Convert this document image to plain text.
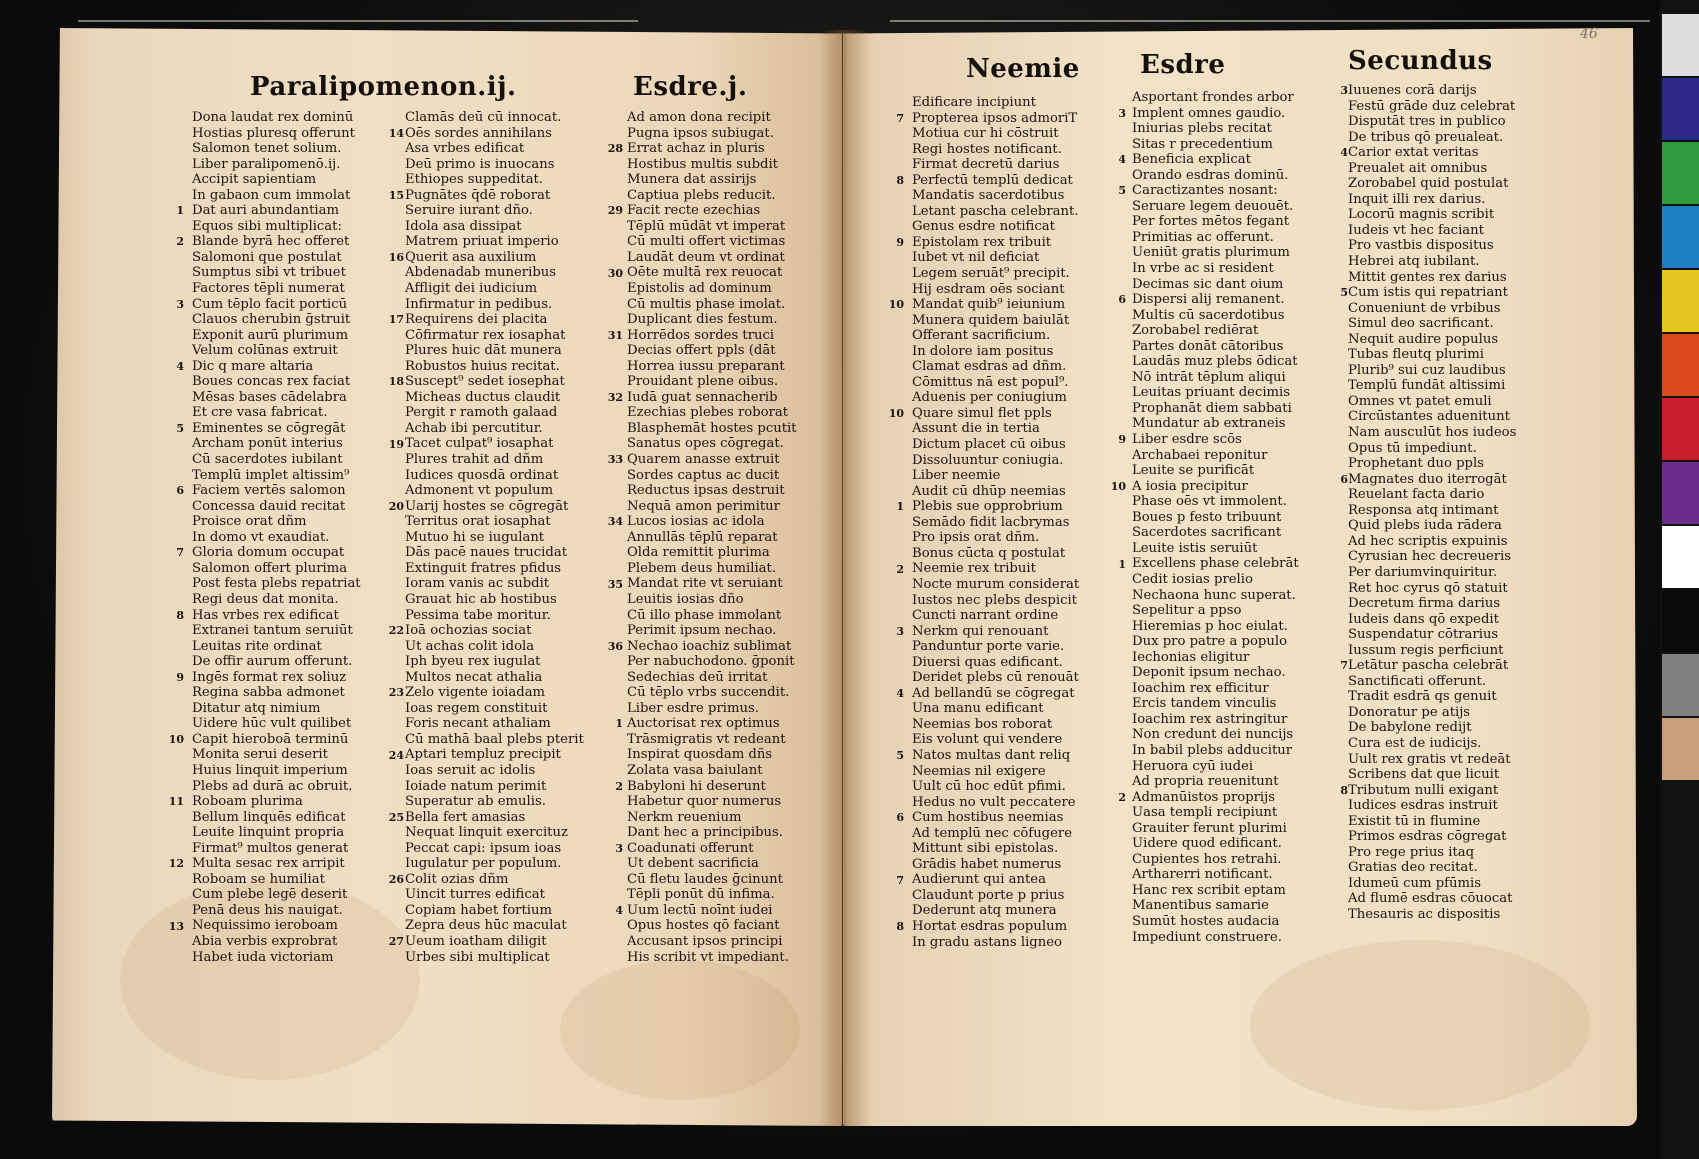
Paralipomenon.ij.	Esdre.j.
Neemie Esdre	Secundus
46
Dona laudat rex dominū
Hostias pluresq offerunt
Salomon tenet solium.
Liber paralipomenō.ij.
Accipit sapientiam
In gabaon cum immolat
Dat auri abundantiam
Equos sibi multiplicat:
Blande byrā hec offeret
Salomoni que postulat
Sumptus sibi vt tribuet
Factores tēpli numerat
Cum tēplo facit porticū
Clauos cherubin ḡstruit
Exponit aurū plurimum
Velum colūnas extruit
Dic q mare altaria
Boues concas rex faciat
Mēsas bases cādelabra
Et cre vasa fabricat.
Eminentes se cōgregāt
Archam ponūt interius
Cū sacerdotes iubilant
Templū implet altissim⁹
Faciem vertēs salomon
Concessa dauid recitat
Proisce orat dñm
In domo vt exaudiat.
Gloria domum occupat
Salomon offert plurima
Post festa plebs repatriat
Regi deus dat monita.
Has vrbes rex edificat
Extranei tantum seruiūt
Leuitas rite ordinat
De offir aurum offerunt.
Ingēs format rex soliuz
Regina sabba admonet
Ditatur atq nimium
Uidere hūc vult quilibet
Capit hieroboā terminū
Monita serui deserit
Huius linquit imperium
Plebs ad durā ac obruit.
Roboam plurima
Bellum linquēs edificat
Leuite linquint propria
Firmat⁹ multos generat
Multa sesac rex arripit
Roboam se humiliat
Cum plebe legē deserit
Penā deus his nauigat.
Nequissimo ieroboam
Abia verbis exprobrat
Habet iuda victoriam
1
2
3
4
5
6
7
8
9
10
11
12
13
Clamās deū cū innocat.
Oēs sordes annihilans
Asa vrbes edificat
Deū primo is inuocans
Ethiopes suppeditat.
Pugnātes q̄dē roborat
Seruire iurant dño.
Idola asa dissipat
Matrem priuat imperio
Querit asa auxilium
Abdenadab muneribus
Affligit dei iudicium
Infirmatur in pedibus.
Requirens dei placita
Cōfirmatur rex iosaphat
Plures huic dāt munera
Robustos huius recitat.
Suscept⁹ sedet iosephat
Micheas ductus claudit
Pergit r ramoth galaad
Achab ibi percutitur.
Tacet culpat⁹ iosaphat
Plures trahit ad dñm
Iudices quosdā ordinat
Admonent vt populum
Uarij hostes se cōgregāt
Territus orat iosaphat
Mutuo hi se iugulant
Dās pacē naues trucidat
Extinguit fratres pfidus
Ioram vanis ac subdit
Grauat hic ab hostibus
Pessima tabe moritur.
Ioā ochozias sociat
Ut achas colit idola
Iph byeu rex iugulat
Multos necat athalia
Zelo vigente ioiadam
Ioas regem constituit
Foris necant athaliam
Cū mathā baal plebs pterit
Aptari templuz precipit
Ioas seruit ac idolis
Ioiade natum perimit
Superatur ab emulis.
Bella fert amasias
Nequat linquit exercituz
Peccat capi: ipsum ioas
Iugulatur per populum.
Colit ozias dñm
Uincit turres edificat
Copiam habet fortium
Zepra deus hūc maculat
Ueum ioatham diligit
Urbes sibi multiplicat
14
15
16
17
18
19
20
22
23
24
25
26
27
Ad amon dona recipit
Pugna ipsos subiugat.
Errat achaz in pluris
Hostibus multis subdit
Munera dat assirijs
Captiua plebs reducit.
Facit recte ezechias
Tēplū mūdāt vt imperat
Cū multi offert victimas
Laudāt deum vt ordinat
Oēte multā rex reuocat
Epistolis ad dominum
Cū multis phase imolat.
Duplicant dies festum.
Horrēdos sordes truci
Decias offert ppls (dāt
Horrea iussu preparant
Prouidant plene oibus.
Iudā guat sennacherib
Ezechias plebes roborat
Blasphemāt hostes pcutit
Sanatus opes cōgregat.
Quarem anasse extruit
Sordes captus ac ducit
Reductus ipsas destruit
Nequā amon perimitur
Lucos iosias ac idola
Annullās tēplū reparat
Olda remittit plurima
Plebem deus humiliat.
Mandat rite vt seruiant
Leuitis iosias dño
Cū illo phase immolant
Perimit ipsum nechao.
Nechao ioachiz sublimat
Per nabuchodono. ḡponit
Sedechias deū irritat
Cū tēplo vrbs succendit.
Liber esdre primus.
Auctorisat rex optimus
Trāsmigratis vt redeant
Inspirat quosdam dñs
Zolata vasa baiulant
Babyloni hi deserunt
Habetur quor numerus
Nerkm reuenium
Dant hec a principibus.
Coadunati offerunt
Ut debent sacrificia
Cū fletu laudes ḡcinunt
Tēpli ponūt dū infima.
Uum lectū noīnt iudei
Opus hostes qō faciant
Accusant ipsos principi
His scribit vt impediant.
28
29
30
31
32
33
34
35
36
1
2
3
4
Edificare incipiunt
Propterea ipsos admoriT
Motiua cur hi cōstruit
Regi hostes notificant.
Firmat decretū darius
Perfectū templū dedicat
Mandatis sacerdotibus
Letant pascha celebrant.
Genus esdre notificat
Epistolam rex tribuit
Iubet vt nil deficiat
Legem seruāt⁹ precipit.
Hij esdram oēs sociant
Mandat quib⁹ ieiunium
Munera quidem baiulāt
Offerant sacrificium.
In dolore iam positus
Clamat esdras ad dñm.
Cōmittus nā est popul⁹.
Aduenis per coniugium
Quare simul flet ppls
Assunt die in tertia
Dictum placet cū oibus
Dissoluuntur coniugia.
Liber neemie
Audit cū dhūp neemias
Plebis sue opprobrium
Semādo fidit lacbrymas
Pro ipsis orat dñm.
Bonus cūcta q postulat
Neemie rex tribuit
Nocte murum considerat
Iustos nec plebs despicit
Cuncti narrant ordine
Nerkm qui renouant
Panduntur porte varie.
Diuersi quas edificant.
Deridet plebs cū renouāt
Ad bellandū se cōgregat
Una manu edificant
Neemias bos roborat
Eis volunt qui vendere
Natos multas dant reliq
Neemias nil exigere
Uult cū hoc edūt pfimi.
Hedus no vult peccatere
Cum hostibus neemias
Ad templū nec cōfugere
Mittunt sibi epistolas.
Grādis habet numerus
Audierunt qui antea
Claudunt porte p prius
Dederunt atq munera
Hortat esdras populum
In gradu astans ligneo
7
8
9
10
10
1
2
3
4
5
6
7
8
Asportant frondes arbor
Implent omnes gaudio.
Iniurias plebs recitat
Sitas r precedentium
Beneficia explicat
Orando esdras dominū.
Caractizantes nosant:
Seruare legem deuouēt.
Per fortes mētos fegant
Primitias ac offerunt.
Ueniūt gratis plurimum
In vrbe ac si resident
Decimas sic dant oium
Dispersi alij remanent.
Multis cū sacerdotibus
Zorobabel rediērat
Partes donāt cātoribus
Laudās muz plebs ōdicat
Nō intrāt tēplum aliqui
Leuitas priuant decimis
Prophanāt diem sabbati
Mundatur ab extraneis
Liber esdre scōs
Archabaei reponitur
Leuite se purificāt
A iosia precipitur
Phase oēs vt immolent.
Boues p festo tribuunt
Sacerdotes sacrificant
Leuite istis seruiūt
Excellens phase celebrāt
Cedit iosias prelio
Nechaona hunc superat.
Sepelitur a ppso
Hieremias p hoc eiulat.
Dux pro patre a populo
Iechonias eligitur
Deponit ipsum nechao.
Ioachim rex efficitur
Ercis tandem vinculis
Ioachim rex astringitur
Non credunt dei nuncijs
In babil plebs adducitur
Heruora cyū iudei
Ad propria reuenitunt
Admanūistos proprijs
Uasa templi recipiunt
Grauiter ferunt plurimi
Uidere quod edificant.
Cupientes hos retrahi.
Artharerri notificant.
Hanc rex scribit eptam
Manentibus samarie
Sumūt hostes audacia
Impediunt construere.
3
4
5
6
9
10
1
2
Iuuenes corā darijs
Festū grāde duz celebrat
Disputāt tres in publico
De tribus qō preualeat.
Carior extat veritas
Preualet ait omnibus
Zorobabel quid postulat
Inquit illi rex darius.
Locorū magnis scribit
Iudeis vt hec faciant
Pro vastbis dispositus
Hebrei atq iubilant.
Mittit gentes rex darius
Cum istis qui repatriant
Conueniunt de vrbibus
Simul deo sacrificant.
Nequit audire populus
Tubas fleutq plurimi
Plurib⁹ sui cuz laudibus
Templū fundāt altissimi
Omnes vt patet emuli
Circūstantes aduenitunt
Nam ausculūt hos iudeos
Opus tū impediunt.
Prophetant duo ppls
Magnates duo iterrogāt
Reuelant facta dario
Responsa atq intimant
Quid plebs iuda rādera
Ad hec scriptis expuinis
Cyrusian hec decreueris
Per dariumvinquiritur.
Ret hoc cyrus qō statuit
Decretum firma darius
Iudeis dans qō expedit
Suspendatur cōtrarius
Iussum regis perficiunt
Letātur pascha celebrāt
Sanctificati offerunt.
Tradit esdrā qs genuit
Donoratur pe atijs
De babylone redijt
Cura est de iudicijs.
Uult rex gratis vt redeāt
Scribens dat que licuit
Tributum nulli exigant
Iudices esdras instruit
Existit tū in flumine
Primos esdras cōgregat
Pro rege prius itaq
Gratias deo recitat.
Idumeū cum pfūmis
Ad flumē esdras cōuocat
Thesauris ac dispositis
3
4
5
6
7
8
